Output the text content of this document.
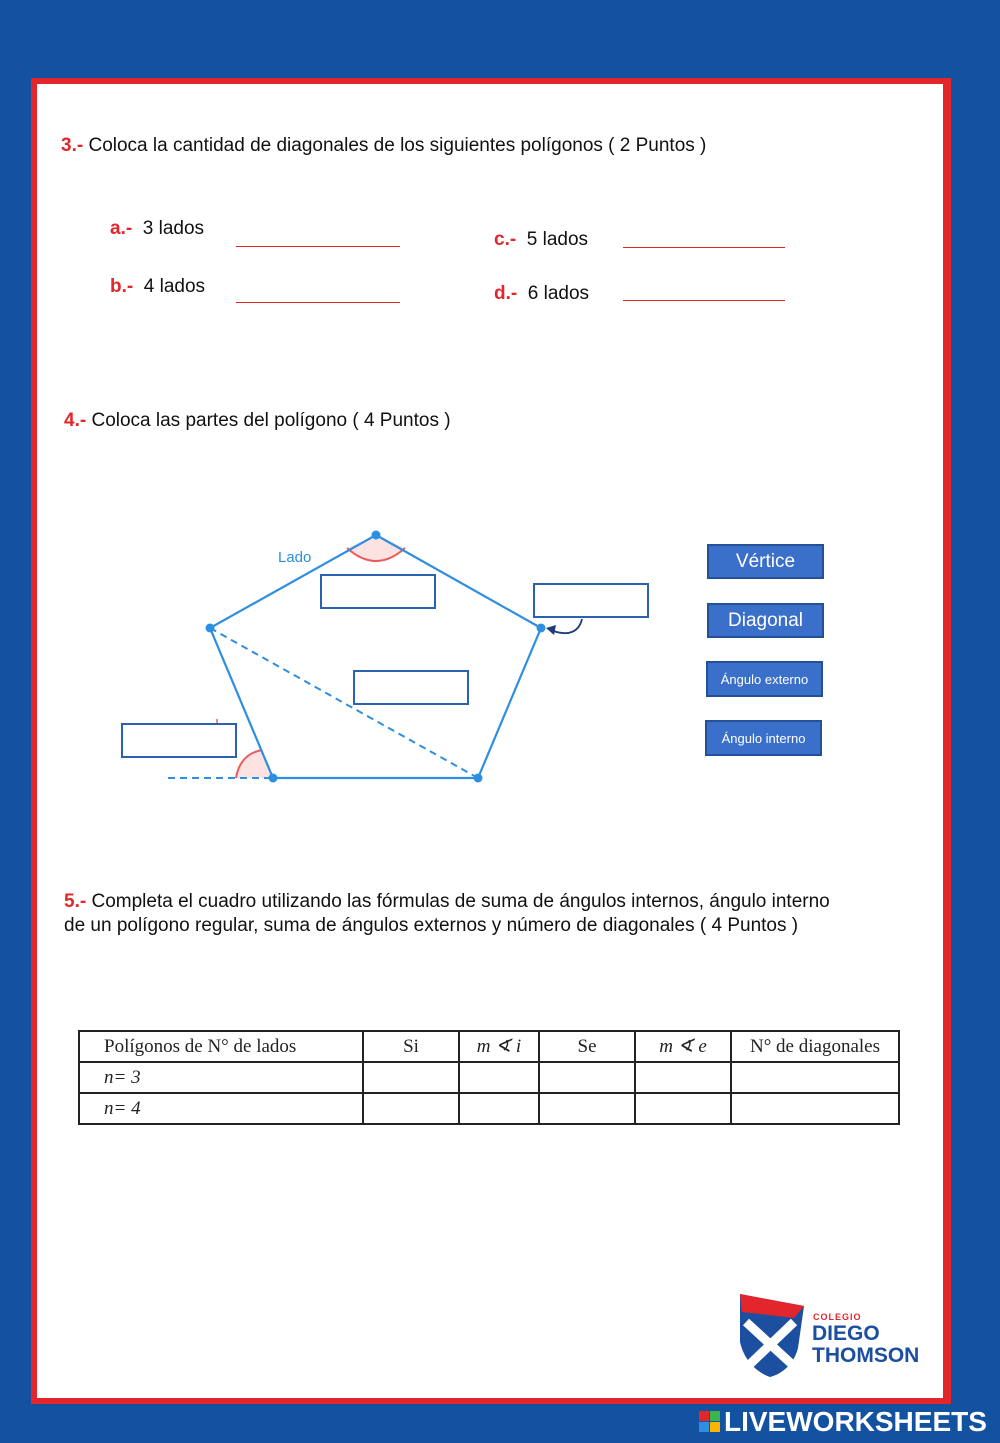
3.- Coloca la cantidad de diagonales de los siguientes polígonos ( 2 Puntos )
a.- 3 lados
b.- 4 lados
c.- 5 lados
d.- 6 lados
4.- Coloca las partes del polígono ( 4 Puntos )
Lado	Vértice
Diagonal
Ángulo externo
Ángulo interno
5.- Completa el cuadro utilizando las fórmulas de suma de ángulos internos, ángulo interno
de un polígono regular, suma de ángulos externos y número de diagonales ( 4 Puntos )
Polígonos de N° de lados	Si	m ∢ i	Se	m ∢ e	N° de diagonales
n= 3					
n= 4					
COLEGIO
DIEGO
THOMSON
LIVEWORKSHEETS
